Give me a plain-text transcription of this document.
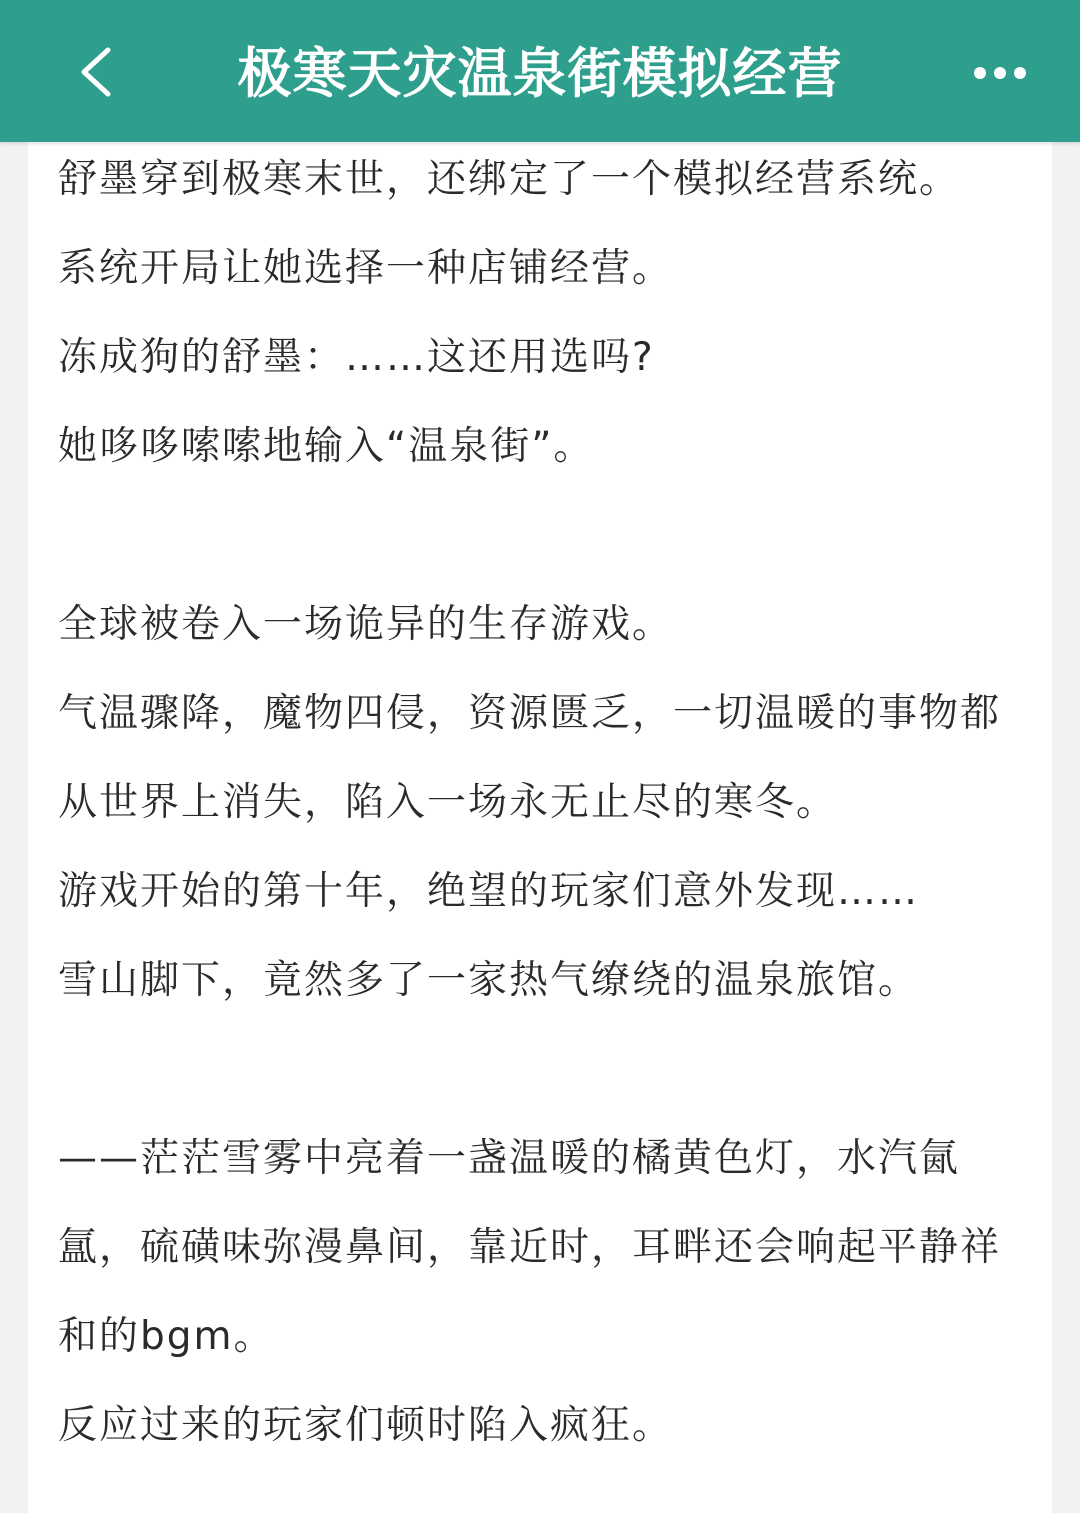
极寒天灾温泉街模拟经营

舒墨穿到极寒末世，还绑定了一个模拟经营系统。

系统开局让她选择一种店铺经营。

冻成狗的舒墨：……这还用选吗?

她哆哆嗦嗦地输入“温泉街”。

全球被卷入一场诡异的生存游戏。

气温骤降，魔物四侵，资源匮乏，一切温暖的事物都从世界上消失，陷入一场永无止尽的寒冬。

游戏开始的第十年，绝望的玩家们意外发现……

雪山脚下，竟然多了一家热气缭绕的温泉旅馆。

——茫茫雪雾中亮着一盏温暖的橘黄色灯，水汽氤氲，硫磺味弥漫鼻间，靠近时，耳畔还会响起平静祥和的bgm。

反应过来的玩家们顿时陷入疯狂。
